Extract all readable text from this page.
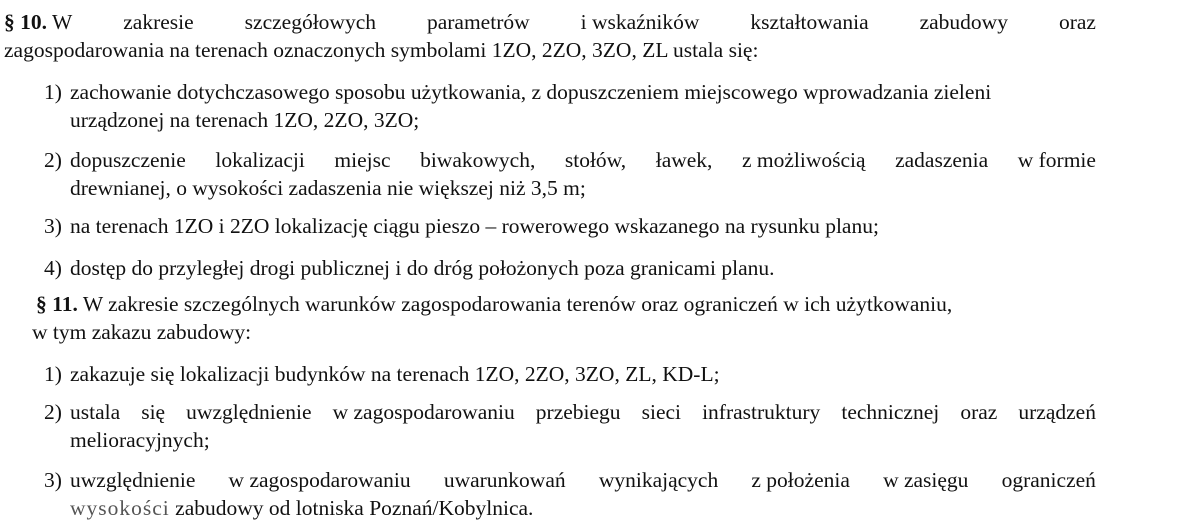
§ 10. W zakresie szczegółowych parametrów i wskaźników kształtowania zabudowy oraz
zagospodarowania na terenach oznaczonych symbolami 1ZO, 2ZO, 3ZO, ZL ustala się:
1) zachowanie dotychczasowego sposobu użytkowania, z dopuszczeniem miejscowego wprowadzania zieleni
urządzonej na terenach 1ZO, 2ZO, 3ZO;
2) dopuszczenie lokalizacji miejsc biwakowych, stołów, ławek, z możliwością zadaszenia w formie
drewnianej, o wysokości zadaszenia nie większej niż 3,5 m;
3) na terenach 1ZO i 2ZO lokalizację ciągu pieszo – rowerowego wskazanego na rysunku planu;
4) dostęp do przyległej drogi publicznej i do dróg położonych poza granicami planu.
§ 11. W zakresie szczególnych warunków zagospodarowania terenów oraz ograniczeń w ich użytkowaniu,
w tym zakazu zabudowy:
1) zakazuje się lokalizacji budynków na terenach 1ZO, 2ZO, 3ZO, ZL, KD-L;
2) ustala się uwzględnienie w zagospodarowaniu przebiegu sieci infrastruktury technicznej oraz urządzeń
melioracyjnych;
3) uwzględnienie w zagospodarowaniu uwarunkowań wynikających z położenia w zasięgu ograniczeń
wysokości zabudowy od lotniska Poznań/Kobylnica.
